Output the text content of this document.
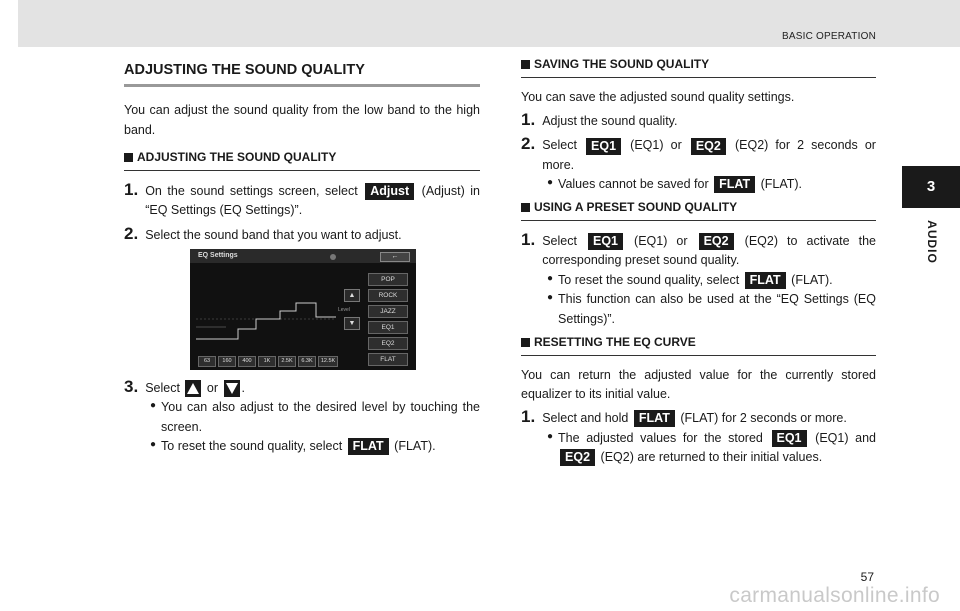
BASIC OPERATION
3
AUDIO
ADJUSTING THE SOUND QUALITY

You can adjust the sound quality from the low band to the high band.

ADJUSTING THE SOUND QUALITY
1. On the sound settings screen, select Adjust (Adjust) in “EQ Settings (EQ Settings)”.
2. Select the sound band that you want to adjust.
EQ Settings	←
Level
▲
▼
POP
ROCK
JAZZ
EQ1
EQ2
FLAT
63	160	400	1K	2.5K	6.3K	12.5K
3. Select or .
● You can also adjust to the desired level by touching the screen.
● To reset the sound quality, select FLAT (FLAT).
SAVING THE SOUND QUALITY

You can save the adjusted sound quality settings.

1. Adjust the sound quality.
2. Select EQ1 (EQ1) or EQ2 (EQ2) for 2 seconds or more.
● Values cannot be saved for FLAT (FLAT).
USING A PRESET SOUND QUALITY
1. Select EQ1 (EQ1) or EQ2 (EQ2) to activate the corresponding preset sound quality.
● To reset the sound quality, select FLAT (FLAT).
● This function can also be used at the “EQ Settings (EQ Settings)”.
RESETTING THE EQ CURVE

You can return the adjusted value for the currently stored equalizer to its initial value.

1. Select and hold FLAT (FLAT) for 2 seconds or more.
● The adjusted values for the stored EQ1 (EQ1) and EQ2 (EQ2) are returned to their initial values.
57
carmanualsonline.info
